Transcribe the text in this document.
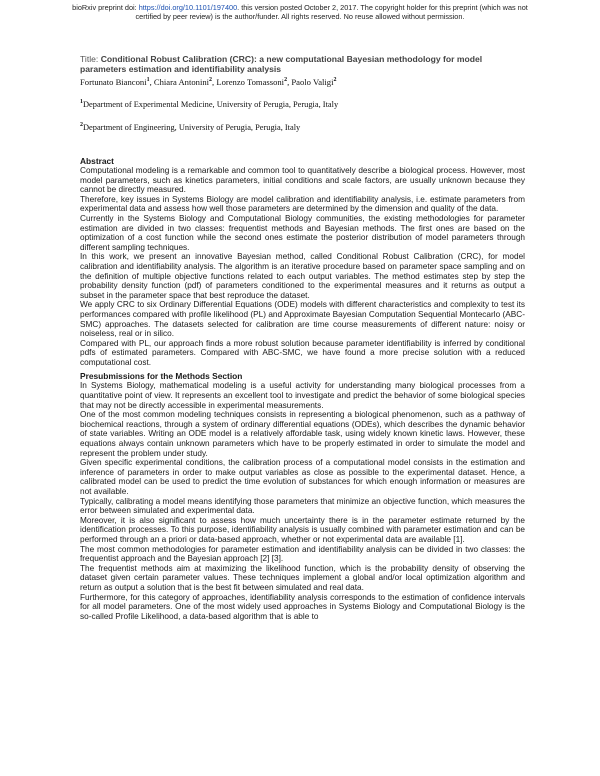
bioRxiv preprint doi: https://doi.org/10.1101/197400. this version posted October 2, 2017. The copyright holder for this preprint (which was not
certified by peer review) is the author/funder. All rights reserved. No reuse allowed without permission.
Title: Conditional Robust Calibration (CRC): a new computational Bayesian methodology for model parameters estimation and identifiability analysis
Fortunato Bianconi$^1$, Chiara Antonini$^2$, Lorenzo Tomassoni$^2$, Paolo Valigi$^2$
$^1$Department of Experimental Medicine, University of Perugia, Perugia, Italy
$^2$Department of Engineering, University of Perugia, Perugia, Italy
Abstract

Computational modeling is a remarkable and common tool to quantitatively describe a biological process. However, most model parameters, such as kinetics parameters, initial conditions and scale factors, are usually unknown because they cannot be directly measured.

Therefore, key issues in Systems Biology are model calibration and identifiability analysis, i.e. estimate parameters from experimental data and assess how well those parameters are determined by the dimension and quality of the data.

Currently in the Systems Biology and Computational Biology communities, the existing methodologies for parameter estimation are divided in two classes: frequentist methods and Bayesian methods. The first ones are based on the optimization of a cost function while the second ones estimate the posterior distribution of model parameters through different sampling techniques.

In this work, we present an innovative Bayesian method, called Conditional Robust Calibration (CRC), for model calibration and identifiability analysis. The algorithm is an iterative procedure based on parameter space sampling and on the definition of multiple objective functions related to each output variables. The method estimates step by step the probability density function (pdf) of parameters conditioned to the experimental measures and it returns as output a subset in the parameter space that best reproduce the dataset.

We apply CRC to six Ordinary Differential Equations (ODE) models with different characteristics and complexity to test its performances compared with profile likelihood (PL) and Approximate Bayesian Computation Sequential Montecarlo (ABC-SMC) approaches. The datasets selected for calibration are time course measurements of different nature: noisy or noiseless, real or in silico.

Compared with PL, our approach finds a more robust solution because parameter identifiability is inferred by conditional pdfs of estimated parameters. Compared with ABC-SMC, we have found a more precise solution with a reduced computational cost.

Presubmissions for the Methods Section

In Systems Biology, mathematical modeling is a useful activity for understanding many biological processes from a quantitative point of view. It represents an excellent tool to investigate and predict the behavior of some biological species that may not be directly accessible in experimental measurements.

One of the most common modeling techniques consists in representing a biological phenomenon, such as a pathway of biochemical reactions, through a system of ordinary differential equations (ODEs), which describes the dynamic behavior of state variables. Writing an ODE model is a relatively affordable task, using widely known kinetic laws. However, these equations always contain unknown parameters which have to be properly estimated in order to simulate the model and represent the problem under study.

Given specific experimental conditions, the calibration process of a computational model consists in the estimation and inference of parameters in order to make output variables as close as possible to the experimental dataset. Hence, a calibrated model can be used to predict the time evolution of substances for which enough information or measures are not available.

Typically, calibrating a model means identifying those parameters that minimize an objective function, which measures the error between simulated and experimental data.

Moreover, it is also significant to assess how much uncertainty there is in the parameter estimate returned by the identification processes. To this purpose, identifiability analysis is usually combined with parameter estimation and can be performed through an a priori or data-based approach, whether or not experimental data are available [1].

The most common methodologies for parameter estimation and identifiability analysis can be divided in two classes: the frequentist approach and the Bayesian approach [2] [3].

The frequentist methods aim at maximizing the likelihood function, which is the probability density of observing the dataset given certain parameter values. These techniques implement a global and/or local optimization algorithm and return as output a solution that is the best fit between simulated and real data.

Furthermore, for this category of approaches, identifiability analysis corresponds to the estimation of confidence intervals for all model parameters. One of the most widely used approaches in Systems Biology and Computational Biology is the so-called Profile Likelihood, a data-based algorithm that is able to
